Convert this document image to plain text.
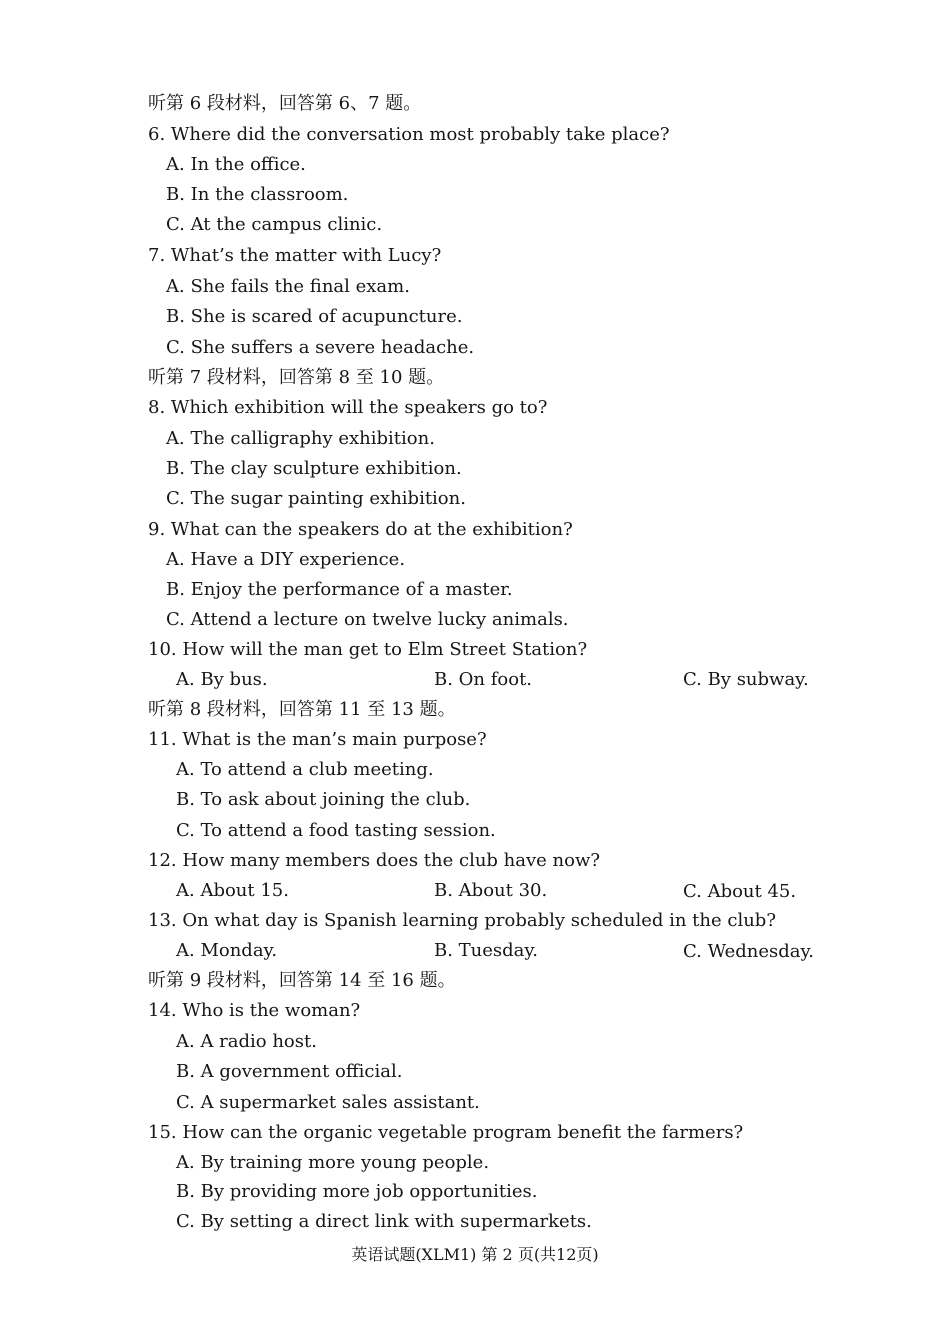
听第 6 段材料，回答第 6、7 题。
6. Where did the conversation most probably take place?
A. In the office.
B. In the classroom.
C. At the campus clinic.
7. What’s the matter with Lucy?
A. She fails the final exam.
B. She is scared of acupuncture.
C. She suffers a severe headache.
听第 7 段材料，回答第 8 至 10 题。
8. Which exhibition will the speakers go to?
A. The calligraphy exhibition.
B. The clay sculpture exhibition.
C. The sugar painting exhibition.
9. What can the speakers do at the exhibition?
A. Have a DIY experience.
B. Enjoy the performance of a master.
C. Attend a lecture on twelve lucky animals.
10. How will the man get to Elm Street Station?
A. By bus.	B. On foot.	C. By subway.
听第 8 段材料，回答第 11 至 13 题。
11. What is the man’s main purpose?
A. To attend a club meeting.
B. To ask about joining the club.
C. To attend a food tasting session.
12. How many members does the club have now?
A. About 15.	B. About 30.	C. About 45.
13. On what day is Spanish learning probably scheduled in the club?
A. Monday.	B. Tuesday.	C. Wednesday.
听第 9 段材料，回答第 14 至 16 题。
14. Who is the woman?
A. A radio host.
B. A government official.
C. A supermarket sales assistant.
15. How can the organic vegetable program benefit the farmers?
A. By training more young people.
B. By providing more job opportunities.
C. By setting a direct link with supermarkets.
英语试题(XLM1) 第 2 页(共12页)
